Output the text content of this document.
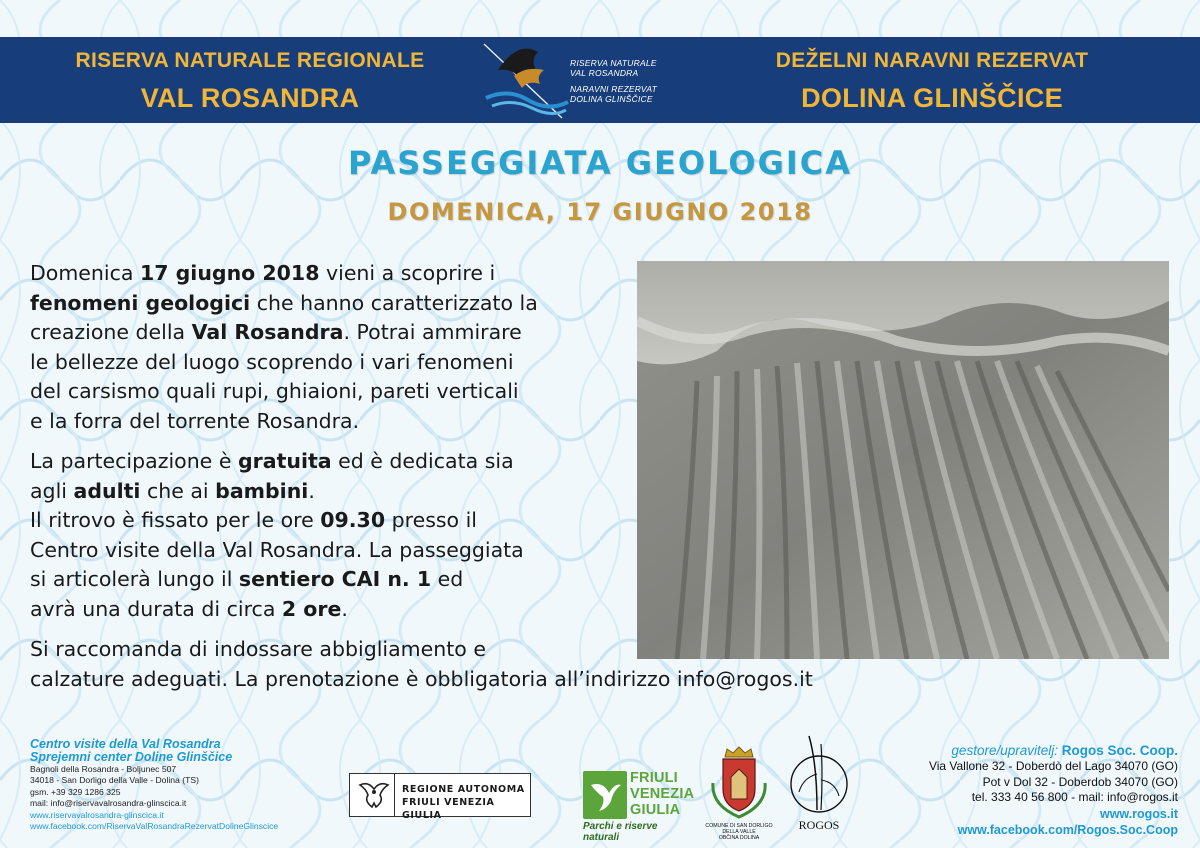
RISERVA NATURALE REGIONALE
VAL ROSANDRA
DEŽELNI NARAVNI REZERVAT
DOLINA GLINŠČICE
RISERVA NATURALE
VAL ROSANDRA
NARAVNI REZERVAT
DOLINA GLINŠČICE
PASSEGGIATA GEOLOGICA
DOMENICA, 17 GIUGNO 2018

Domenica 17 giugno 2018 vieni a scoprire i
fenomeni geologici che hanno caratterizzato la
creazione della Val Rosandra. Potrai ammirare
le bellezze del luogo scoprendo i vari fenomeni
del carsismo quali rupi, ghiaioni, pareti verticali
e la forra del torrente Rosandra.

La partecipazione è gratuita ed è dedicata sia
agli adulti che ai bambini.
Il ritrovo è fissato per le ore 09.30 presso il
Centro visite della Val Rosandra. La passeggiata
si articolerà lungo il sentiero CAI n. 1 ed
avrà una durata di circa 2 ore.

Si raccomanda di indossare abbigliamento e
calzature adeguati. La prenotazione è obbligatoria all’indirizzo info@rogos.it

Centro visite della Val Rosandra
Sprejemni center Doline Glinščice
Bagnoli della Rosandra - Boljunec 507
34018 - San Dorligo della Valle - Dolina (TS)
gsm. +39 329 1286 325
mail: info@riservavalrosandra-glinscica.it
www.riservavalrosandra-glinscica.it
www.facebook.com/RiservaValRosandraRezervatDolineGlinscice
REGIONE AUTONOMA
FRIULI VENEZIA GIULIA
FRIULI
VENEZIA
GIULIA
Parchi e riserve naturali
COMUNE DI SAN DORLIGO
DELLA VALLE
OBČINA DOLINA
ROGOS
gestore/upravitelj: Rogos Soc. Coop.
Via Vallone 32 - Doberdò del Lago 34070 (GO)
Pot v Dol 32 - Doberdob 34070 (GO)
tel. 333 40 56 800 - mail: info@rogos.it
www.rogos.it
www.facebook.com/Rogos.Soc.Coop
